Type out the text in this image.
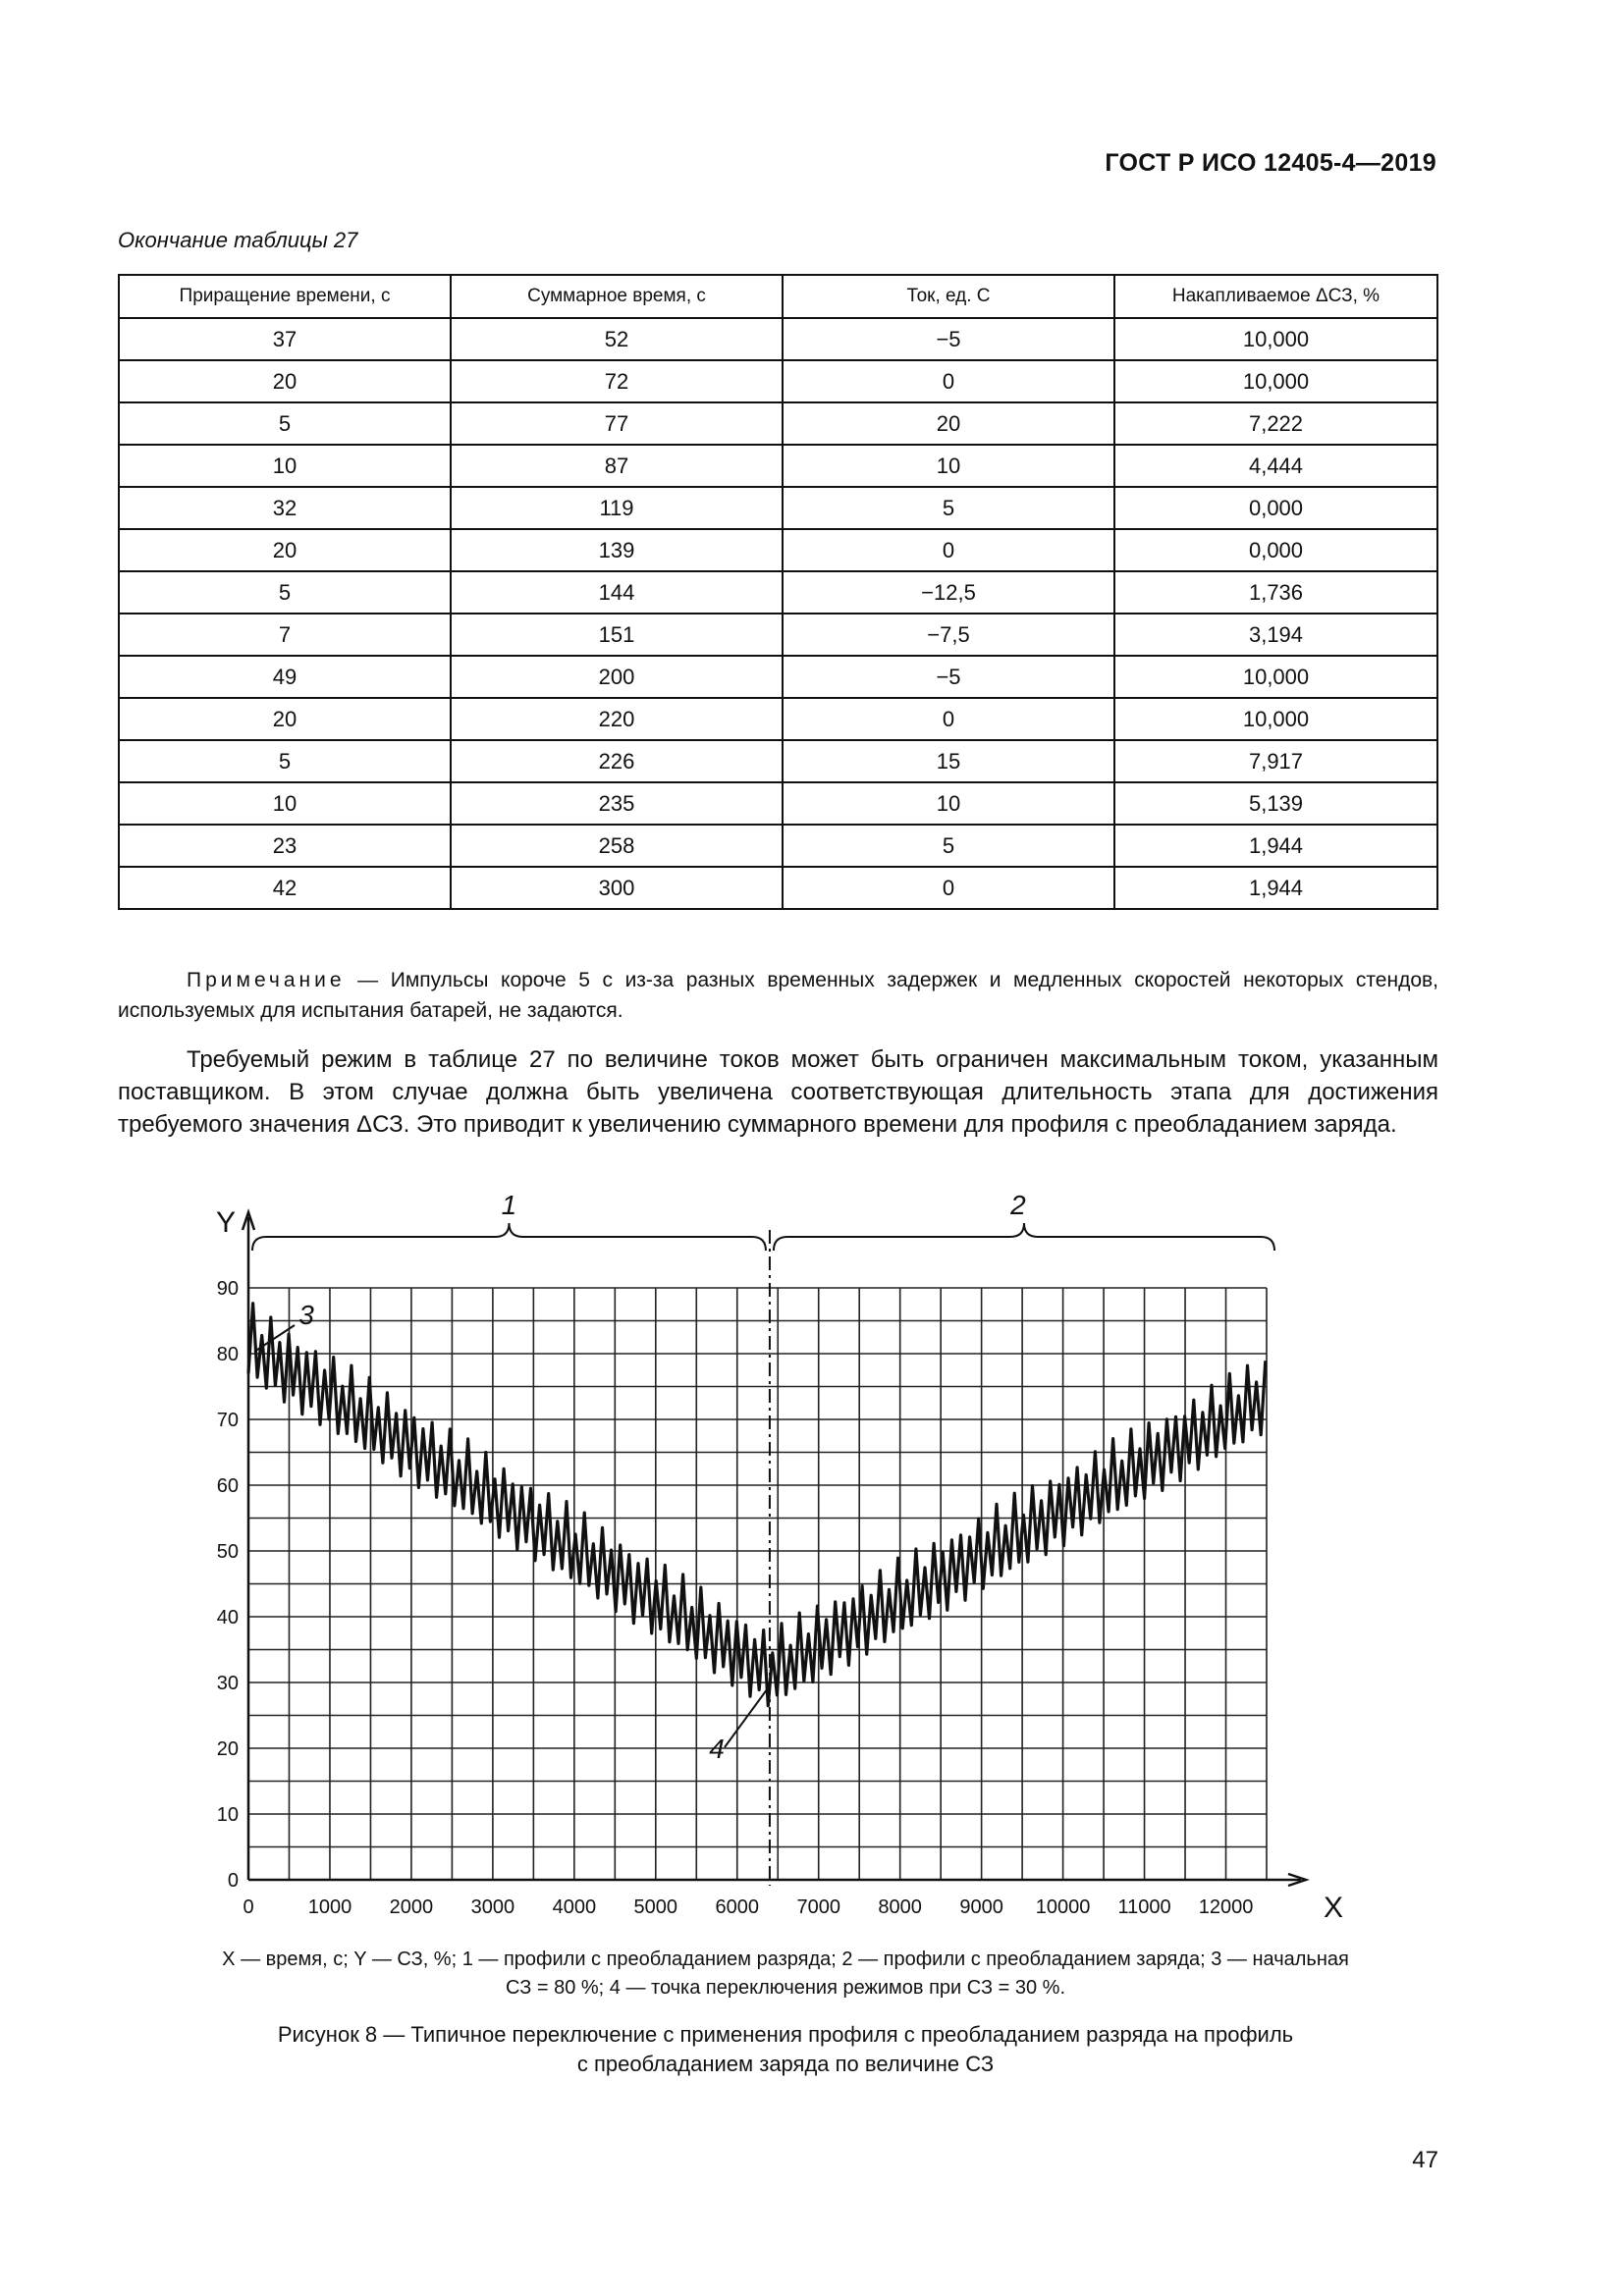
ГОСТ Р ИСО 12405-4—2019
Окончание таблицы 27
Приращение времени, с	Суммарное время, с	Ток, ед. C	Накапливаемое ΔСЗ, %
37	52	−5	10,000
20	72	0	10,000
5	77	20	7,222
10	87	10	4,444
32	119	5	0,000
20	139	0	0,000
5	144	−12,5	1,736
7	151	−7,5	3,194
49	200	−5	10,000
20	220	0	10,000
5	226	15	7,917
10	235	10	5,139
23	258	5	1,944
42	300	0	1,944
Примечание — Импульсы короче 5 с из-за разных временных задержек и медленных скоростей некоторых стендов, используемых для испытания батарей, не задаются.
Требуемый режим в таблице 27 по величине токов может быть ограничен максимальным током, указанным поставщиком. В этом случае должна быть увеличена соответствующая длительность этапа для достижения требуемого значения ΔСЗ. Это приводит к увеличению суммарного времени для профиля с преобладанием заряда.
0	1000 2000 3000 4000 5000 6000 7000 8000 9000 10000 11000 12000
0
10
20
30
40
50
60
70
80
90
Y
X
1	2
3
4
X — время, с; Y — СЗ, %; 1 — профили с преобладанием разряда; 2 — профили с преобладанием заряда; 3 — начальная
СЗ = 80 %; 4 — точка переключения режимов при СЗ = 30 %.
Рисунок 8 — Типичное переключение с применения профиля с преобладанием разряда на профиль
с преобладанием заряда по величине СЗ
47
